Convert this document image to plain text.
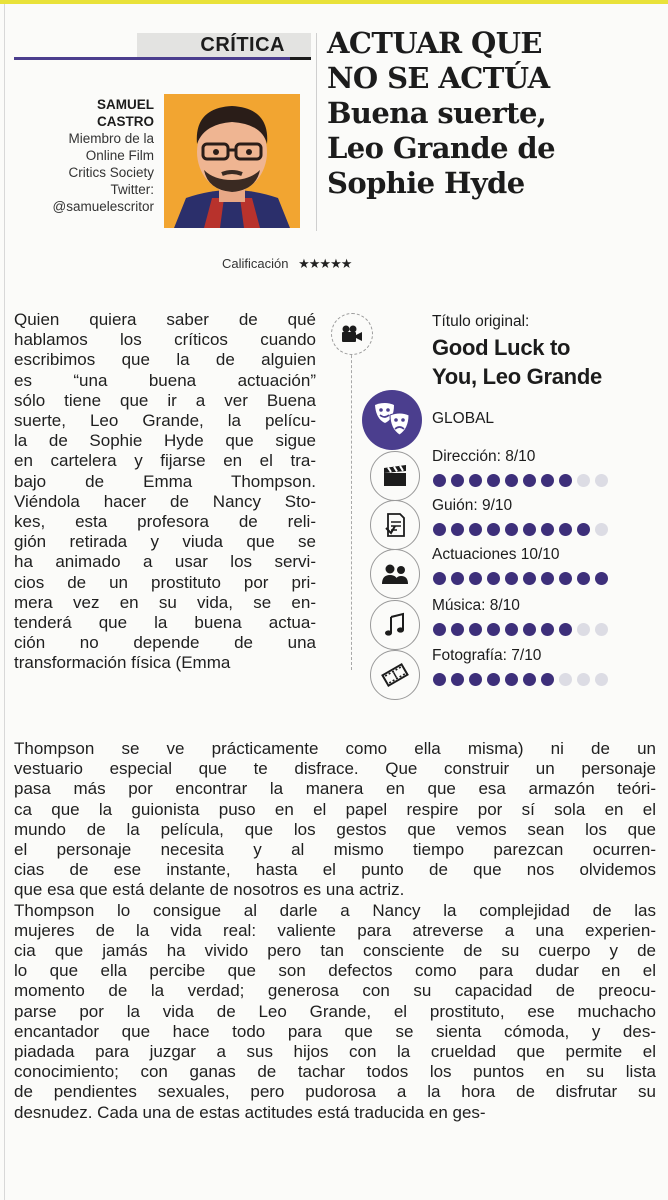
CRÍTICA
SAMUEL
CASTRO
Miembro de la
Online Film
Critics Society
Twitter:
@samuelescritor
ACTUAR QUE
NO SE ACTÚA
Buena suerte,
Leo Grande de
Sophie Hyde
Calificación ★★★★★

Quien quiera saber de qué

hablamos los críticos cuando

escribimos que la de alguien

es “una buena actuación”

sólo tiene que ir a ver Buena

suerte, Leo Grande, la pelícu-

la de Sophie Hyde que sigue

en cartelera y fijarse en el tra-

bajo de Emma Thompson.

Viéndola hacer de Nancy Sto-

kes, esta profesora de reli-

gión retirada y viuda que se

ha animado a usar los servi-

cios de un prostituto por pri-

mera vez en su vida, se en-

tenderá que la buena actua-

ción no depende de una

transformación física (Emma

Thompson se ve prácticamente como ella misma) ni de un

vestuario especial que te disfrace. Que construir un personaje

pasa más por encontrar la manera en que esa armazón teóri-

ca que la guionista puso en el papel respire por sí sola en el

mundo de la película, que los gestos que vemos sean los que

el personaje necesita y al mismo tiempo parezcan ocurren-

cias de ese instante, hasta el punto de que nos olvidemos

que esa que está delante de nosotros es una actriz.

Thompson lo consigue al darle a Nancy la complejidad de las

mujeres de la vida real: valiente para atreverse a una experien-

cia que jamás ha vivido pero tan consciente de su cuerpo y de

lo que ella percibe que son defectos como para dudar en el

momento de la verdad; generosa con su capacidad de preocu-

parse por la vida de Leo Grande, el prostituto, ese muchacho

encantador que hace todo para que se sienta cómoda, y des-

piadada para juzgar a sus hijos con la crueldad que permite el

conocimiento; con ganas de tachar todos los puntos en su lista

de pendientes sexuales, pero pudorosa a la hora de disfrutar su

desnudez. Cada una de estas actitudes está traducida en ges-

Título original:
Good Luck to
You, Leo Grande
GLOBAL
Dirección: 8/10
Guión: 9/10
Actuaciones 10/10
Música: 8/10
Fotografía: 7/10
